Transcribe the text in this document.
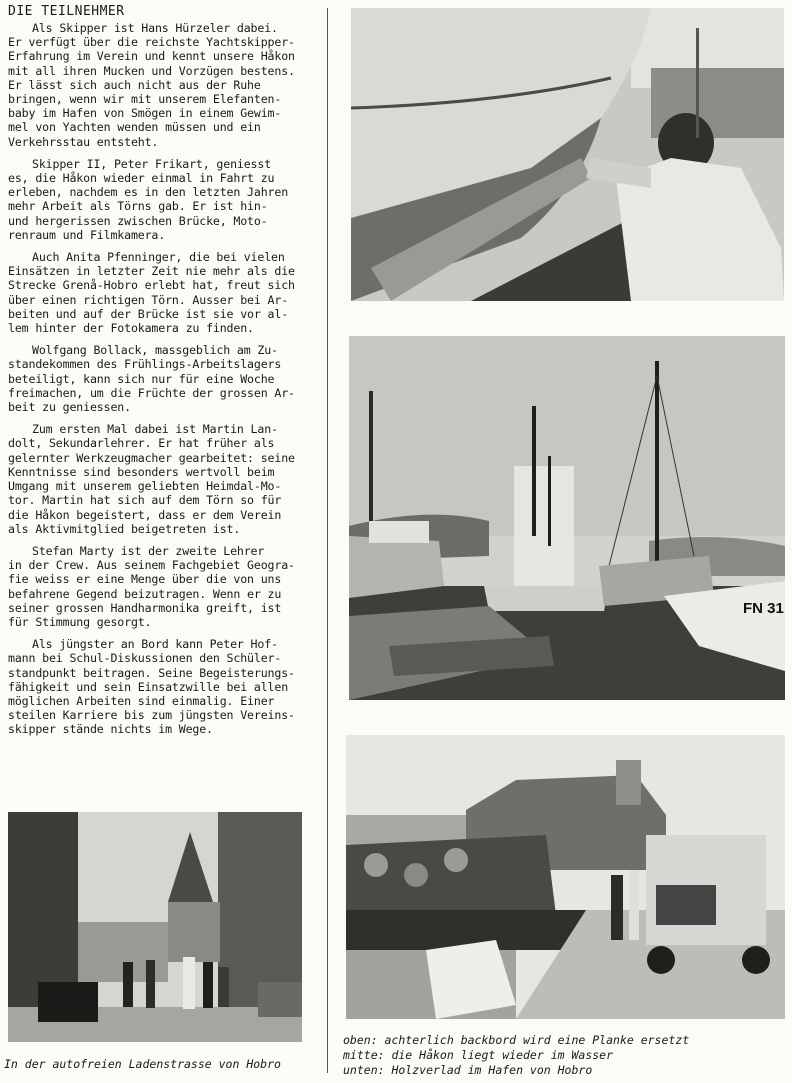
DIE TEILNEHMER

Als Skipper ist Hans Hürzeler dabei.
Er verfügt über die reichste Yachtskipper-
Erfahrung im Verein und kennt unsere Håkon
mit all ihren Mucken und Vorzügen bestens.
Er lässt sich auch nicht aus der Ruhe
bringen, wenn wir mit unserem Elefanten-
baby im Hafen von Smögen in einem Gewim-
mel von Yachten wenden müssen und ein
Verkehrsstau entsteht.

Skipper II, Peter Frikart, geniesst
es, die Håkon wieder einmal in Fahrt zu
erleben, nachdem es in den letzten Jahren
mehr Arbeit als Törns gab. Er ist hin-
und hergerissen zwischen Brücke, Moto-
renraum und Filmkamera.

Auch Anita Pfenninger, die bei vielen
Einsätzen in letzter Zeit nie mehr als die
Strecke Grenå-Hobro erlebt hat, freut sich
über einen richtigen Törn. Ausser bei Ar-
beiten und auf der Brücke ist sie vor al-
lem hinter der Fotokamera zu finden.

Wolfgang Bollack, massgeblich am Zu-
standekommen des Frühlings-Arbeitslagers
beteiligt, kann sich nur für eine Woche
freimachen, um die Früchte der grossen Ar-
beit zu geniessen.

Zum ersten Mal dabei ist Martin Lan-
dolt, Sekundarlehrer. Er hat früher als
gelernter Werkzeugmacher gearbeitet: seine
Kenntnisse sind besonders wertvoll beim
Umgang mit unserem geliebten Heimdal-Mo-
tor. Martin hat sich auf dem Törn so für
die Håkon begeistert, dass er dem Verein
als Aktivmitglied beigetreten ist.

Stefan Marty ist der zweite Lehrer
in der Crew. Aus seinem Fachgebiet Geogra-
fie weiss er eine Menge über die von uns
befahrene Gegend beizutragen. Wenn er zu
seiner grossen Handharmonika greift, ist
für Stimmung gesorgt.

Als jüngster an Bord kann Peter Hof-
mann bei Schul-Diskussionen den Schüler-
standpunkt beitragen. Seine Begeisterungs-
fähigkeit und sein Einsatzwille bei allen
möglichen Arbeiten sind einmalig. Einer
steilen Karriere bis zum jüngsten Vereins-
skipper stände nichts im Wege.

FN 31
In der autofreien Ladenstrasse von Hobro
oben: achterlich backbord wird eine Planke ersetzt
mitte: die Håkon liegt wieder im Wasser
unten: Holzverlad im Hafen von Hobro
